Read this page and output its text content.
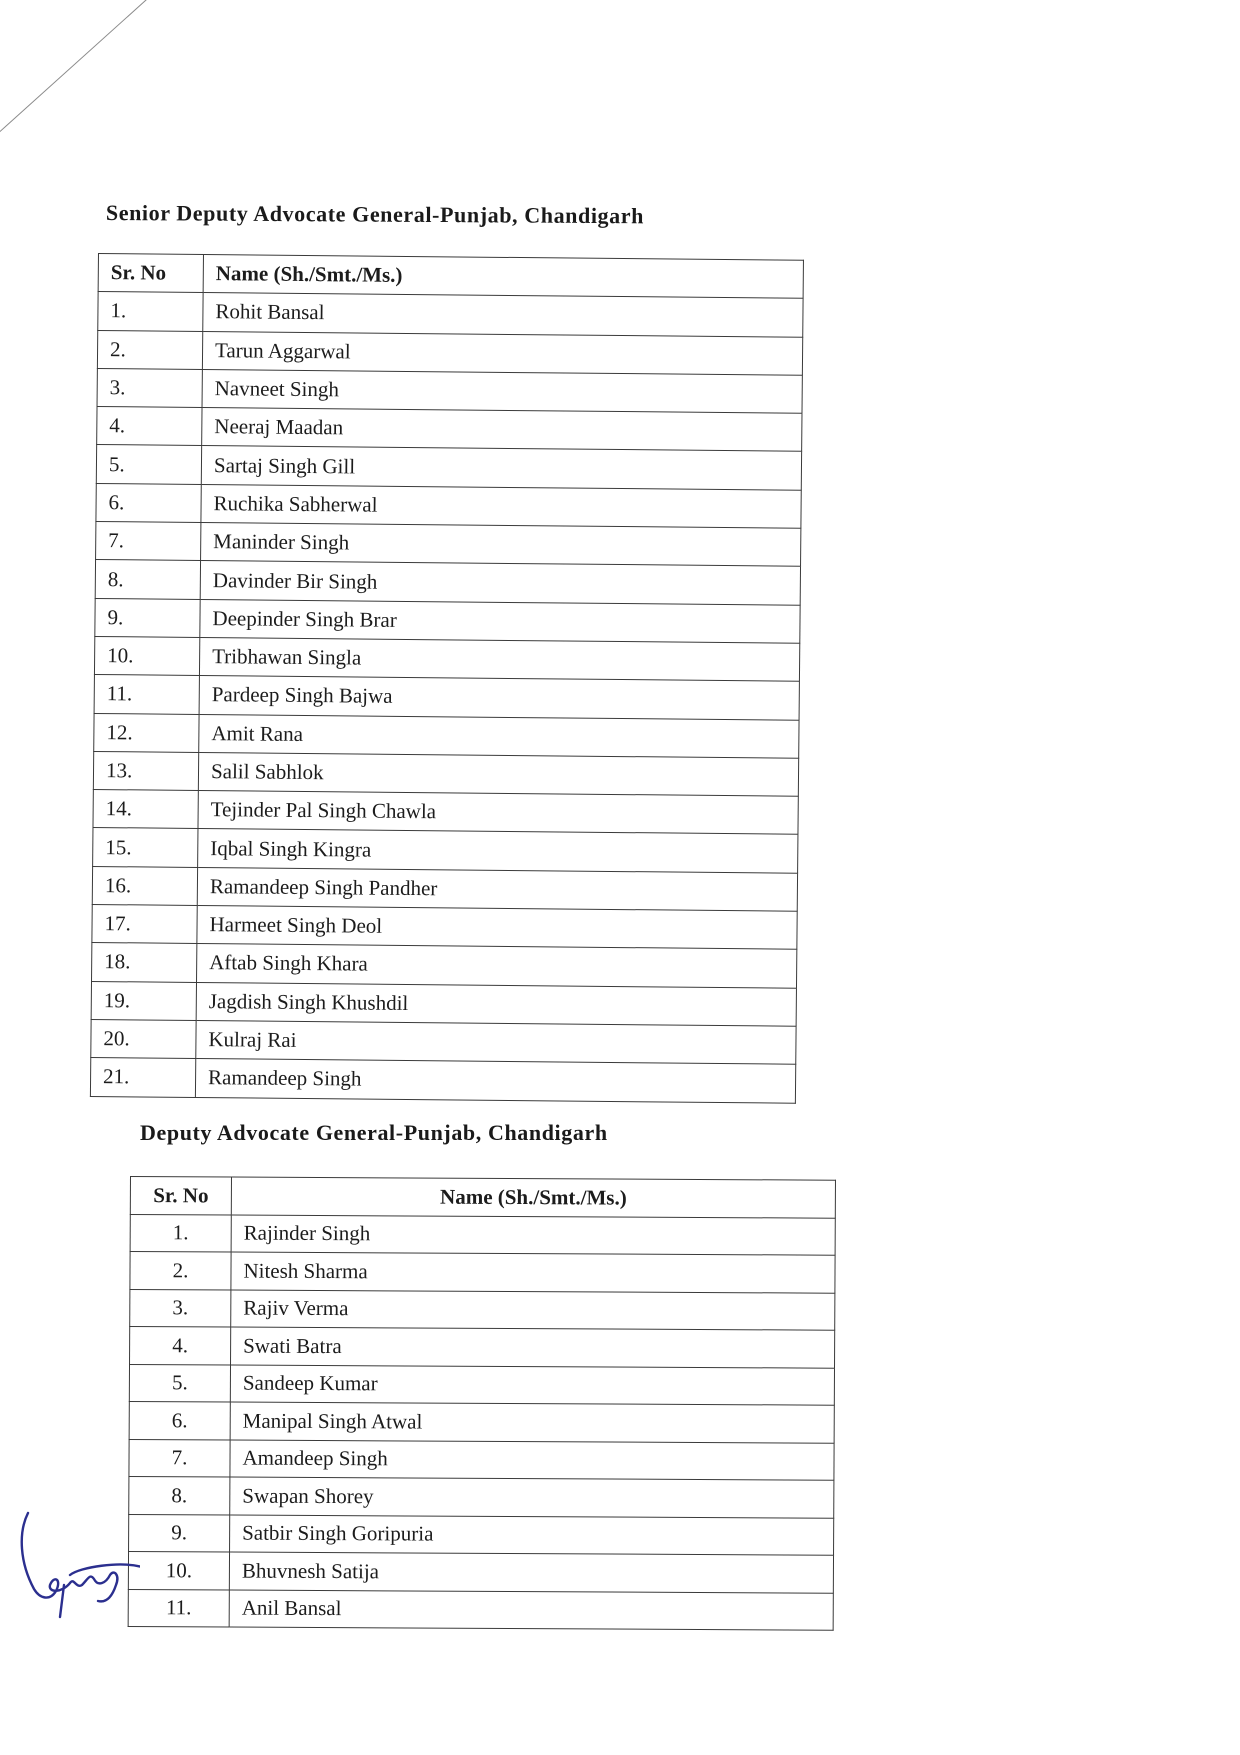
Senior Deputy Advocate General-Punjab, Chandigarh
Sr. No	Name (Sh./Smt./Ms.)
1.	Rohit Bansal
2.	Tarun Aggarwal
3.	Navneet Singh
4.	Neeraj Maadan
5.	Sartaj Singh Gill
6.	Ruchika Sabherwal
7.	Maninder Singh
8.	Davinder Bir Singh
9.	Deepinder Singh Brar
10.	Tribhawan Singla
11.	Pardeep Singh Bajwa
12.	Amit Rana
13.	Salil Sabhlok
14.	Tejinder Pal Singh Chawla
15.	Iqbal Singh Kingra
16.	Ramandeep Singh Pandher
17.	Harmeet Singh Deol
18.	Aftab Singh Khara
19.	Jagdish Singh Khushdil
20.	Kulraj Rai
21.	Ramandeep Singh
Deputy Advocate General-Punjab, Chandigarh
Sr. No	Name (Sh./Smt./Ms.)
1.	Rajinder Singh
2.	Nitesh Sharma
3.	Rajiv Verma
4.	Swati Batra
5.	Sandeep Kumar
6.	Manipal Singh Atwal
7.	Amandeep Singh
8.	Swapan Shorey
9.	Satbir Singh Goripuria
10.	Bhuvnesh Satija
11.	Anil Bansal
